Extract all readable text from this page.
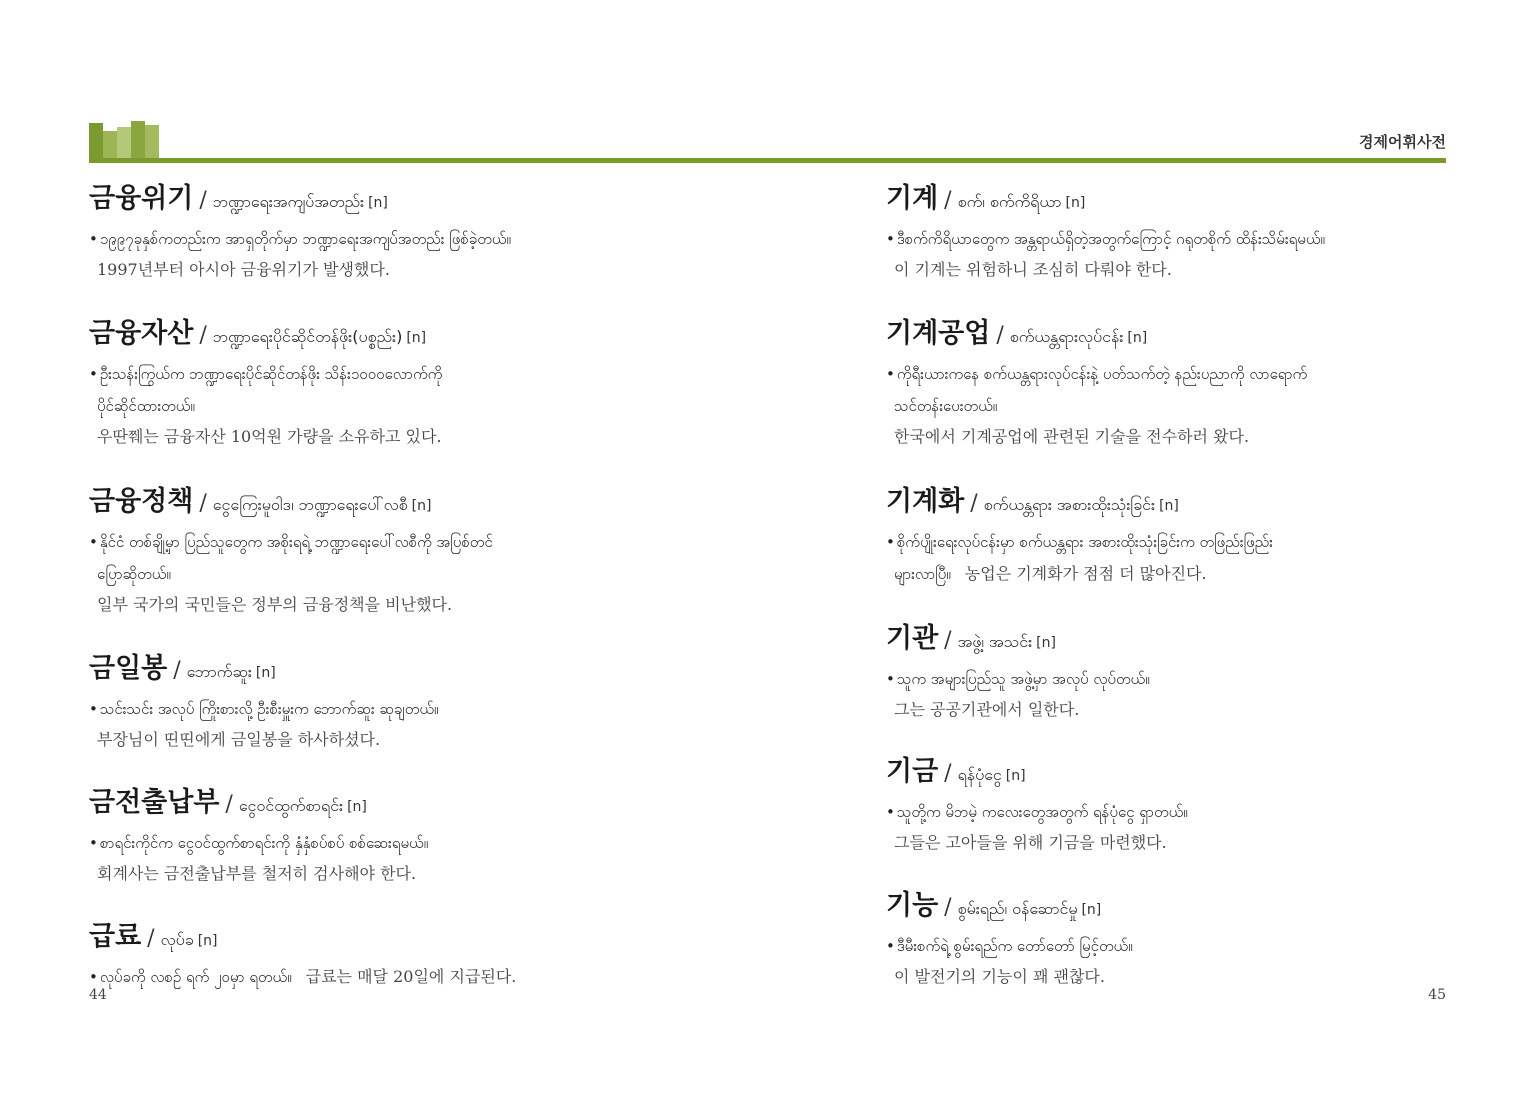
경제어휘사전
금융위기 / ဘဏ္ဍာရေးအကျပ်အတည်း [n]
• ၁၉၉၇ခုနှစ်ကတည်းက အာရှတိုက်မှာ ဘဏ္ဍာရေးအကျပ်အတည်း ဖြစ်ခဲ့တယ်။
1997년부터 아시아 금융위기가 발생했다.
금융자산 / ဘဏ္ဍာရေးပိုင်ဆိုင်တန်ဖိုး(ပစ္စည်း) [n]
• ဦးသန်းကြွယ်က ဘဏ္ဍာရေးပိုင်ဆိုင်တန်ဖိုး သိန်း၁၀၀၀လောက်ကို
ပိုင်ဆိုင်ထားတယ်။
우딴쮀는 금융자산 10억원 가량을 소유하고 있다.
금융정책 / ငွေကြေးမူဝါဒ၊ ဘဏ္ဍာရေးပေါ်လစီ [n]
• နိုင်ငံ တစ်ချို့မှာ ပြည်သူတွေက အစိုးရရဲ့ ဘဏ္ဍာရေးပေါ်လစီကို အပြစ်တင်
ပြောဆိုတယ်။
일부 국가의 국민들은 정부의 금융정책을 비난했다.
금일봉 / ဘောက်ဆူး [n]
• သင်းသင်း အလုပ် ကြိုးစားလို့ ဦးစီးမှူးက ဘောက်ဆူး ဆုချတယ်။
부장님이 띤띤에게 금일봉을 하사하셨다.
금전출납부 / ငွေဝင်ထွက်စာရင်း [n]
• စာရင်းကိုင်က ငွေဝင်ထွက်စာရင်းကို နှံနှံစပ်စပ် စစ်ဆေးရမယ်။
회계사는 금전출납부를 철저히 검사해야 한다.
급료 / လုပ်ခ [n]
• လုပ်ခကို လစဉ် ရက် ၂၀မှာ ရတယ်။ 급료는 매달 20일에 지급된다.
44
기계 / စက်၊ စက်ကိရိယာ [n]
• ဒီစက်ကိရိယာတွေက အန္တရာယ်ရှိတဲ့အတွက်ကြောင့် ဂရုတစိုက် ထိန်းသိမ်းရမယ်။
이 기계는 위험하니 조심히 다뤄야 한다.
기계공업 / စက်ယန္တရားလုပ်ငန်း [n]
• ကိုရီးယားကနေ စက်ယန္တရားလုပ်ငန်းနဲ့ ပတ်သက်တဲ့ နည်းပညာကို လာရောက်
သင်တန်းပေးတယ်။
한국에서 기계공업에 관련된 기술을 전수하러 왔다.
기계화 / စက်ယန္တရား အစားထိုးသုံးခြင်း [n]
• စိုက်ပျိုးရေးလုပ်ငန်းမှာ စက်ယန္တရား အစားထိုးသုံးခြင်းက တဖြည်းဖြည်း
များလာပြီ။ 농업은 기계화가 점점 더 많아진다.
기관 / အဖွဲ့၊ အသင်း [n]
• သူက အများပြည်သူ အဖွဲ့မှာ အလုပ် လုပ်တယ်။
그는 공공기관에서 일한다.
기금 / ရန်ပုံငွေ [n]
• သူတို့က မိဘမဲ့ ကလေးတွေအတွက် ရန်ပုံငွေ ရှာတယ်။
그들은 고아들을 위해 기금을 마련했다.
기능 / စွမ်းရည်၊ ဝန်ဆောင်မှု [n]
• ဒီမီးစက်ရဲ့ စွမ်းရည်က တော်တော် မြင့်တယ်။
이 발전기의 기능이 꽤 괜찮다.
45
